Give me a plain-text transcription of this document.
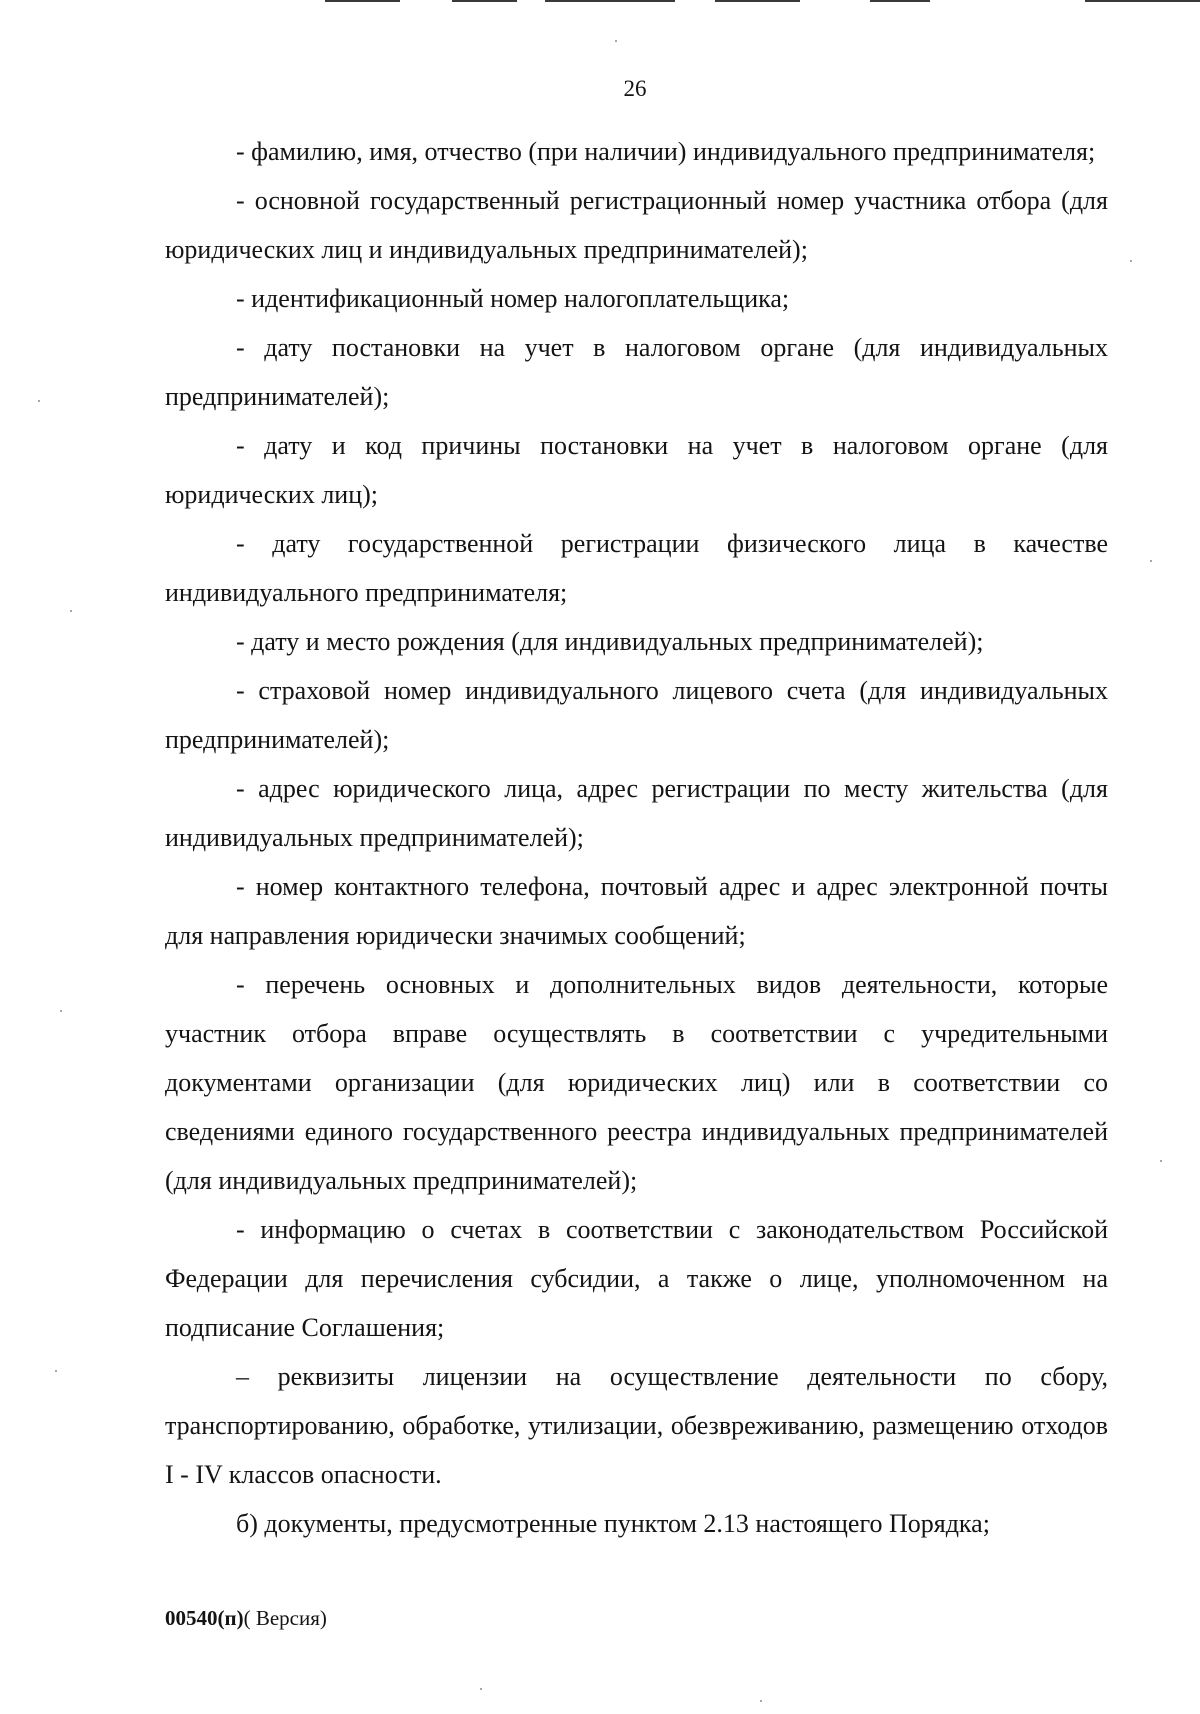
26

- фамилию, имя, отчество (при наличии) индивидуального предпринимателя;

- основной государственный регистрационный номер участника отбора (для юридических лиц и индивидуальных предпринимателей);

- идентификационный номер налогоплательщика;

- дату постановки на учет в налоговом органе (для индивидуальных предпринимателей);

- дату и код причины постановки на учет в налоговом органе (для юридических лиц);

- дату государственной регистрации физического лица в качестве индивидуального предпринимателя;

- дату и место рождения (для индивидуальных предпринимателей);

- страховой номер индивидуального лицевого счета (для индивидуальных предпринимателей);

- адрес юридического лица, адрес регистрации по месту жительства (для индивидуальных предпринимателей);

- номер контактного телефона, почтовый адрес и адрес электронной почты для направления юридически значимых сообщений;

- перечень основных и дополнительных видов деятельности, которые участник отбора вправе осуществлять в соответствии с учредительными документами организации (для юридических лиц) или в соответствии со сведениями единого государственного реестра индивидуальных предпринимателей (для индивидуальных предпринимателей);

- информацию о счетах в соответствии с законодательством Российской Федерации для перечисления субсидии, а также о лице, уполномоченном на подписание Соглашения;

– реквизиты лицензии на осуществление деятельности по сбору, транспортированию, обработке, утилизации, обезвреживанию, размещению отходов I - IV классов опасности.

б) документы, предусмотренные пунктом 2.13 настоящего Порядка;

00540(п)( Версия)
